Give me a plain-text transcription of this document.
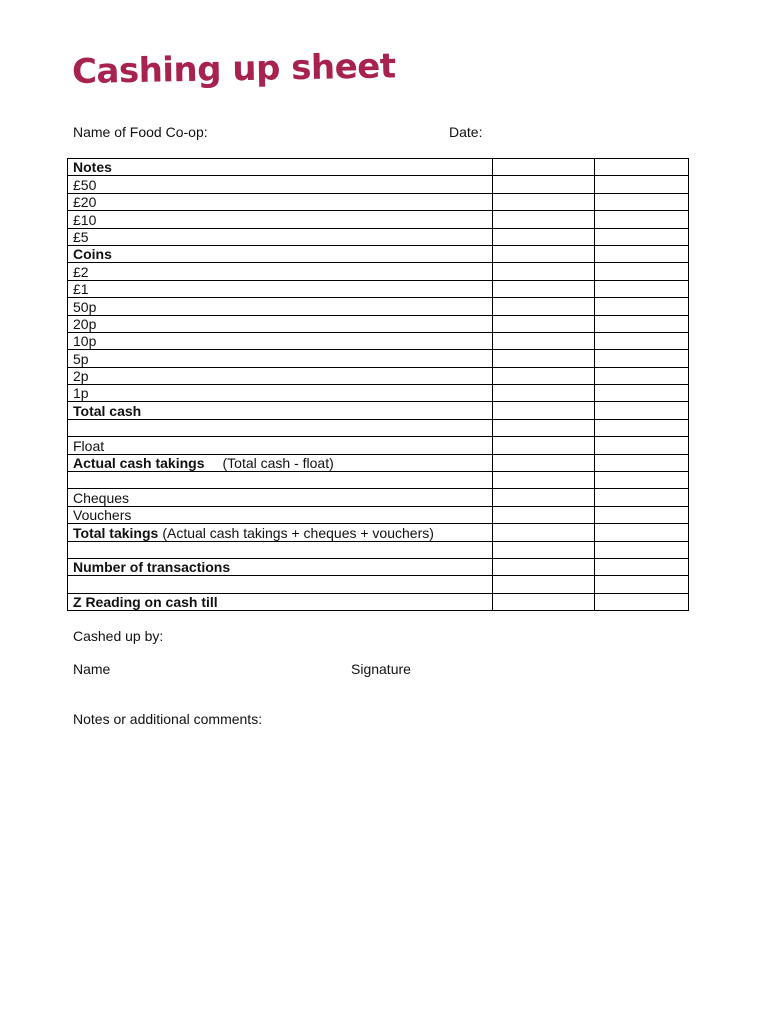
Cashing up sheet
Name of Food Co-op:	Date:
Notes		
£50		
£20		
£10		
£5		
Coins		
£2		
£1		
50p		
20p		
10p		
5p		
2p		
1p		
Total cash		

Float		
Actual cash takings (Total cash - float)		

Cheques		
Vouchers		
Total takings (Actual cash takings + cheques + vouchers)		

Number of transactions		

Z Reading on cash till		
Cashed up by:
Name	Signature
Notes or additional comments:
